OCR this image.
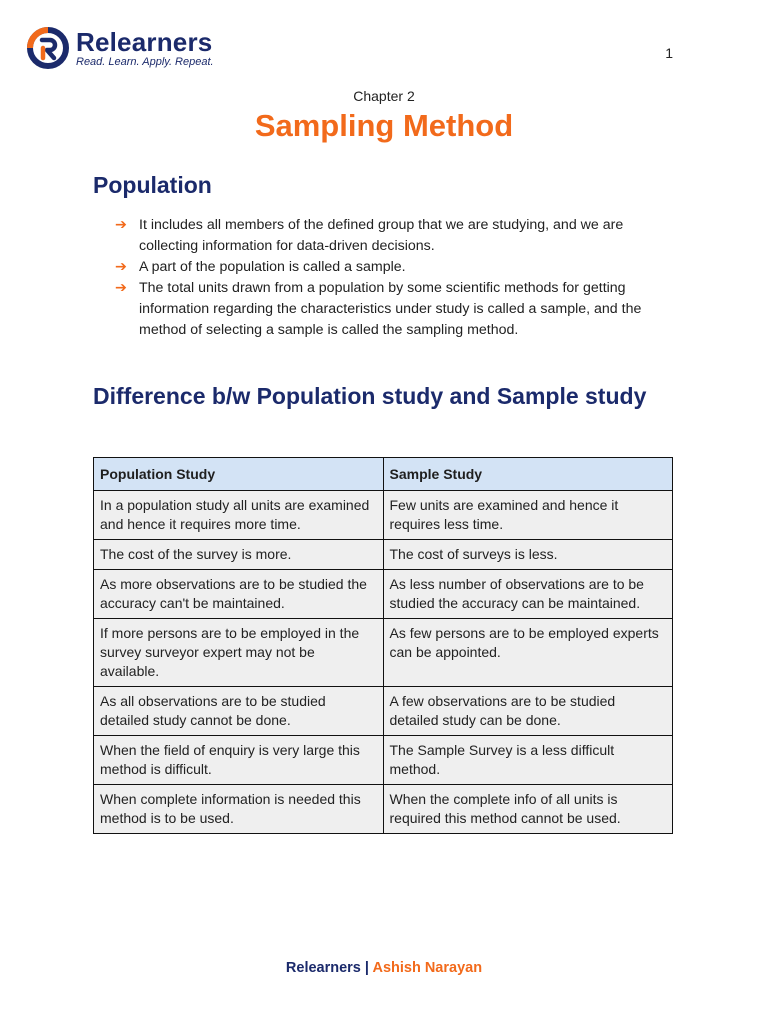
Relearners
Read. Learn. Apply. Repeat.
1
Chapter 2
Sampling Method
Population
➔ It includes all members of the defined group that we are studying, and we are collecting information for data-driven decisions.
➔ A part of the population is called a sample.
➔ The total units drawn from a population by some scientific methods for getting information regarding the characteristics under study is called a sample, and the method of selecting a sample is called the sampling method.
Difference b/w Population study and Sample study
Population Study	Sample Study
In a population study all units are examined and hence it requires more time.	Few units are examined and hence it requires less time.
The cost of the survey is more.	The cost of surveys is less.
As more observations are to be studied the accuracy can't be maintained.	As less number of observations are to be studied the accuracy can be maintained.
If more persons are to be employed in the survey surveyor expert may not be available.	As few persons are to be employed experts can be appointed.
As all observations are to be studied detailed study cannot be done.	A few observations are to be studied detailed study can be done.
When the field of enquiry is very large this method is difficult.	The Sample Survey is a less difficult method.
When complete information is needed this method is to be used.	When the complete info of all units is required this method cannot be used.
Relearners | Ashish Narayan
